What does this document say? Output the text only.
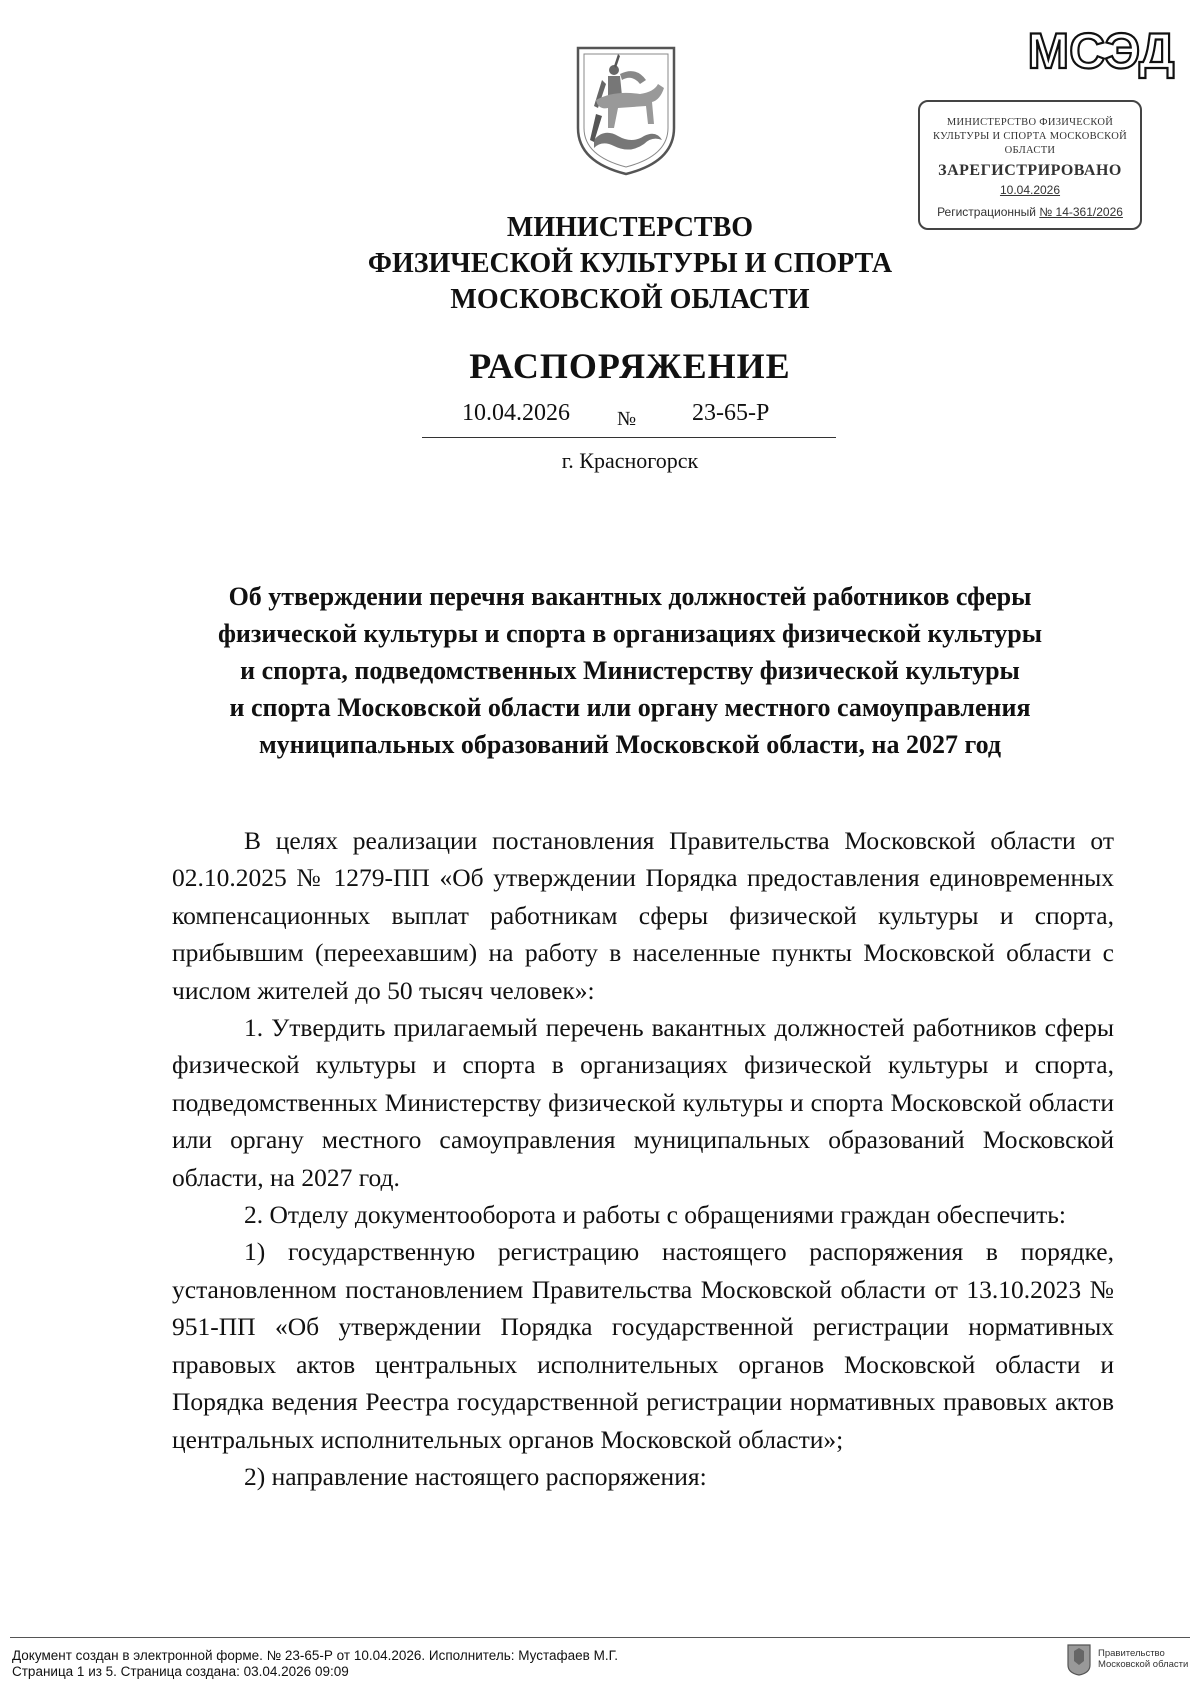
МСЭД
МИНИСТЕРСТВО ФИЗИЧЕСКОЙ
КУЛЬТУРЫ И СПОРТА МОСКОВСКОЙ
ОБЛАСТИ
ЗАРЕГИСТРИРОВАНО
10.04.2026
Регистрационный № 14-361/2026
МИНИСТЕРСТВО
ФИЗИЧЕСКОЙ КУЛЬТУРЫ И СПОРТА
МОСКОВСКОЙ ОБЛАСТИ
РАСПОРЯЖЕНИЕ
10.04.2026 № 23-65-Р
г. Красногорск
Об утверждении перечня вакантных должностей работников сферы
физической культуры и спорта в организациях физической культуры
и спорта, подведомственных Министерству физической культуры
и спорта Московской области или органу местного самоуправления
муниципальных образований Московской области, на 2027 год

В целях реализации постановления Правительства Московской области от 02.10.2025 № 1279-ПП «Об утверждении Порядка предоставления единовременных компенсационных выплат работникам сферы физической культуры и спорта, прибывшим (переехавшим) на работу в населенные пункты Московской области с числом жителей до 50 тысяч человек»:

1. Утвердить прилагаемый перечень вакантных должностей работников сферы физической культуры и спорта в организациях физической культуры и спорта, подведомственных Министерству физической культуры и спорта Московской области или органу местного самоуправления муниципальных образований Московской области, на 2027 год.

2. Отделу документооборота и работы с обращениями граждан обеспечить:

1) государственную регистрацию настоящего распоряжения в порядке, установленном постановлением Правительства Московской области от 13.10.2023 № 951-ПП «Об утверждении Порядка государственной регистрации нормативных правовых актов центральных исполнительных органов Московской области и Порядка ведения Реестра государственной регистрации нормативных правовых актов центральных исполнительных органов Московской области»;

2) направление настоящего распоряжения:

Документ создан в электронной форме. № 23-65-Р от 10.04.2026. Исполнитель: Мустафаев М.Г.
Страница 1 из 5. Страница создана: 03.04.2026 09:09
Правительство
Московской области
